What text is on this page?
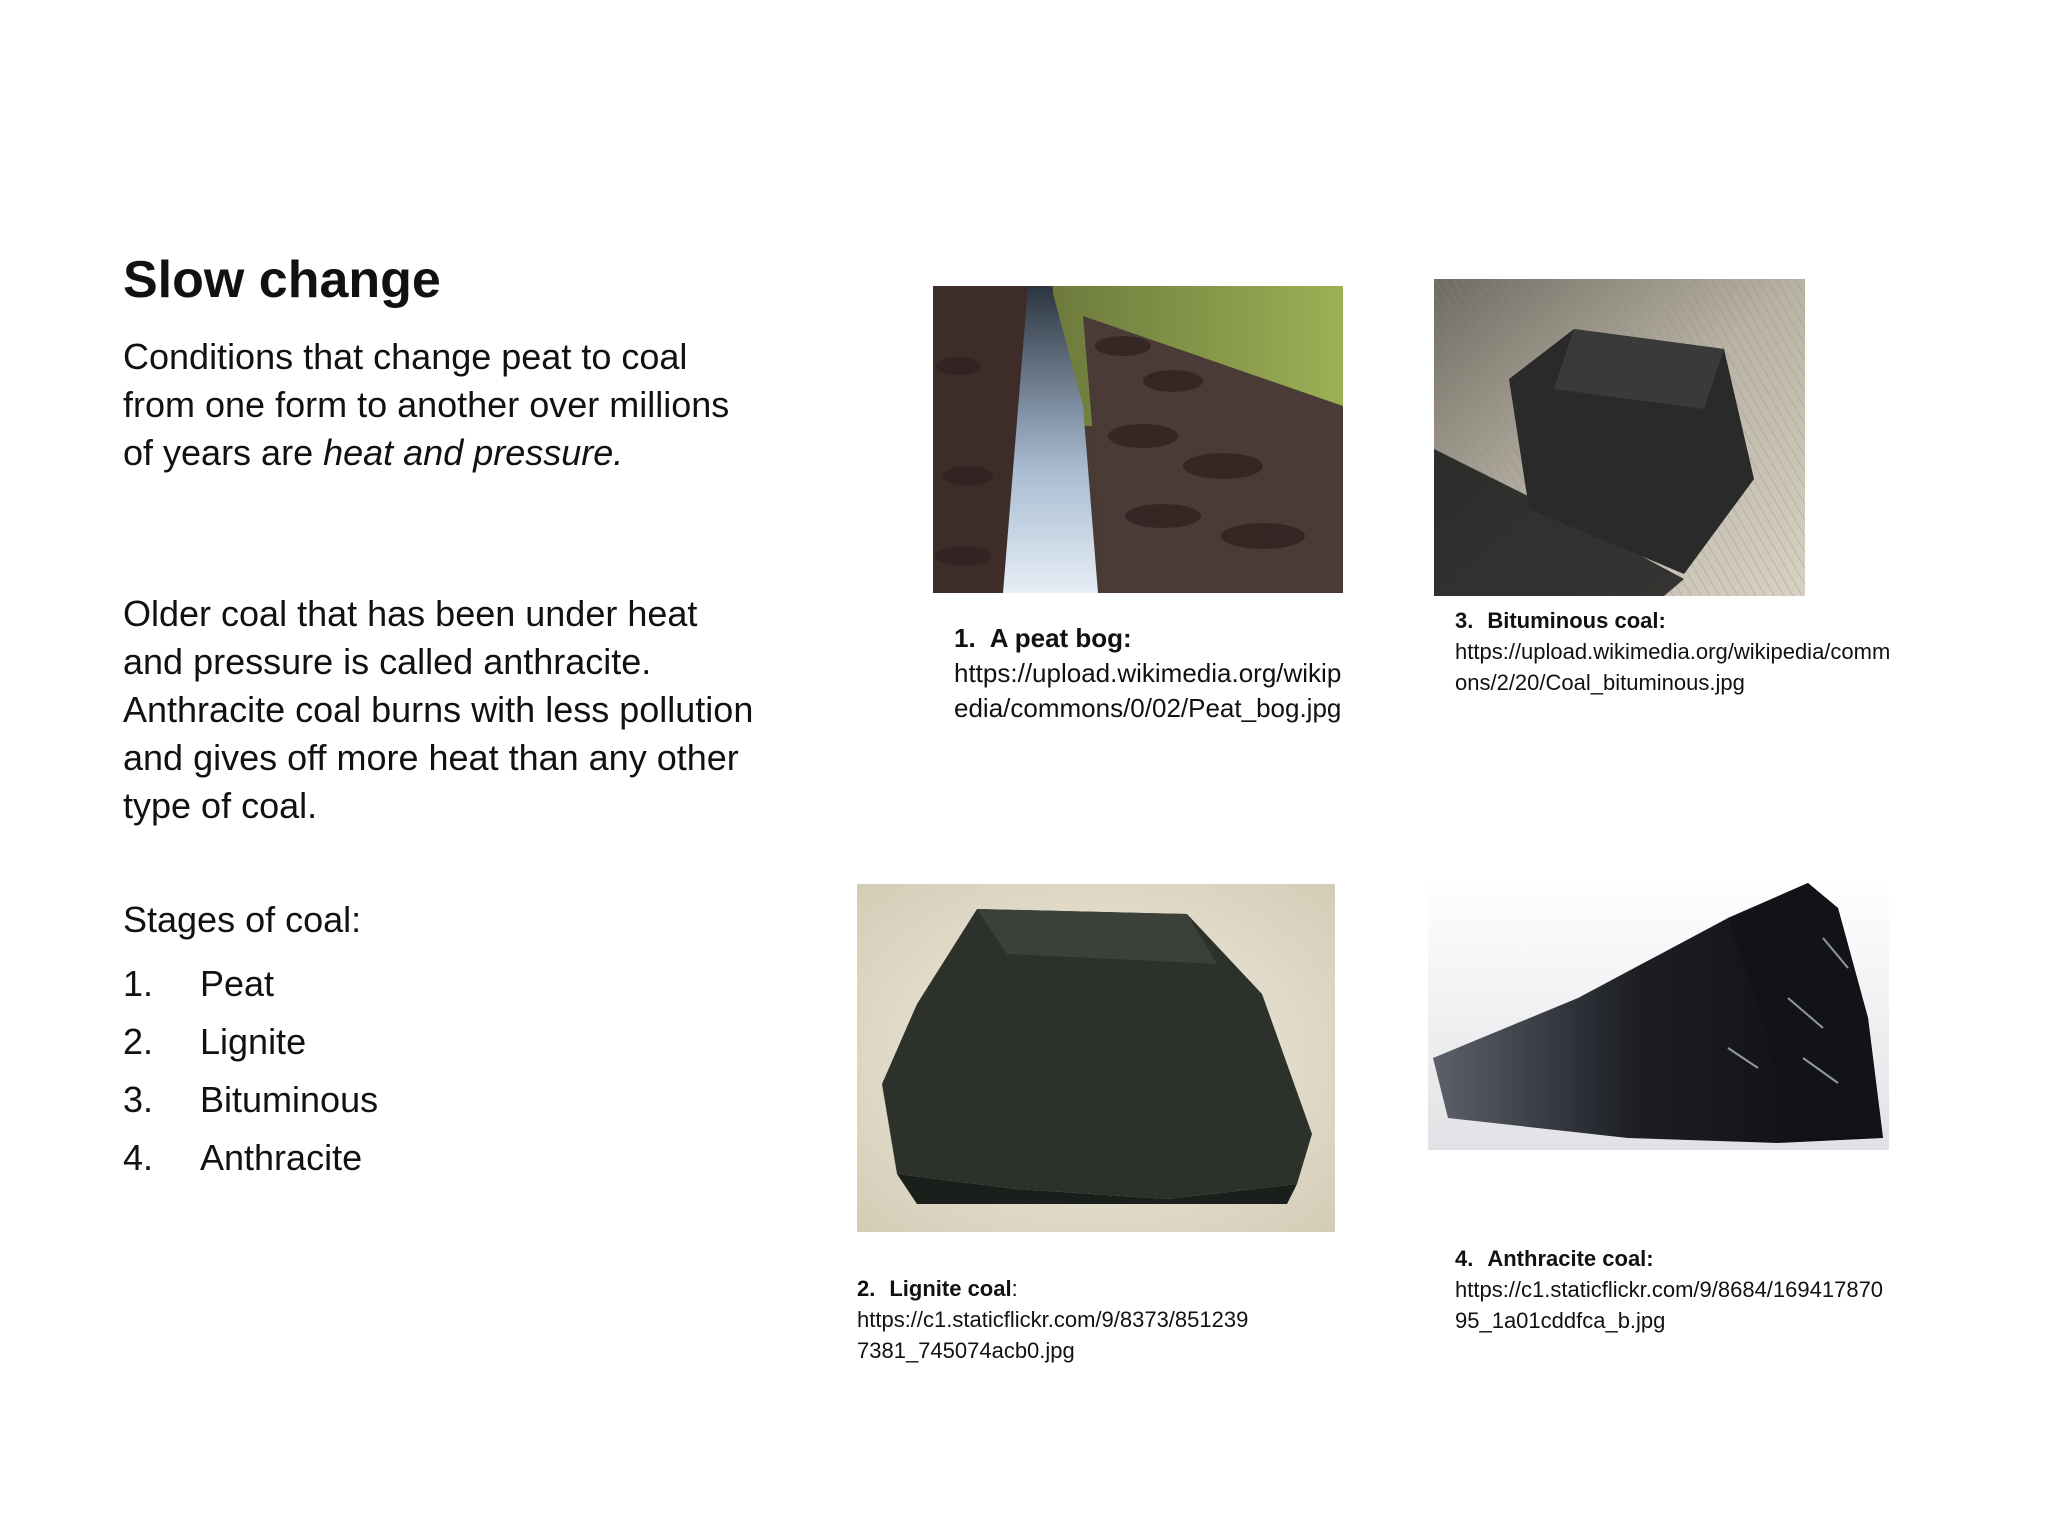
Slow change
Conditions that change peat to coal from one form to another over millions of years are heat and pressure.
Older coal that has been under heat and pressure is called anthracite. Anthracite coal burns with less pollution and gives off more heat than any other type of coal.
Stages of coal:
1.	Peat
2.	Lignite
3.	Bituminous
4.	Anthracite
1. A peat bog:
https://upload.wikimedia.org/wikipedia/commons/0/02/Peat_bog.jpg
3. Bituminous coal:
https://upload.wikimedia.org/wikipedia/commons/2/20/Coal_bituminous.jpg
2. Lignite coal:
https://c1.staticflickr.com/9/8373/8512397381_745074acb0.jpg
4. Anthracite coal:
https://c1.staticflickr.com/9/8684/16941787095_1a01cddfca_b.jpg
